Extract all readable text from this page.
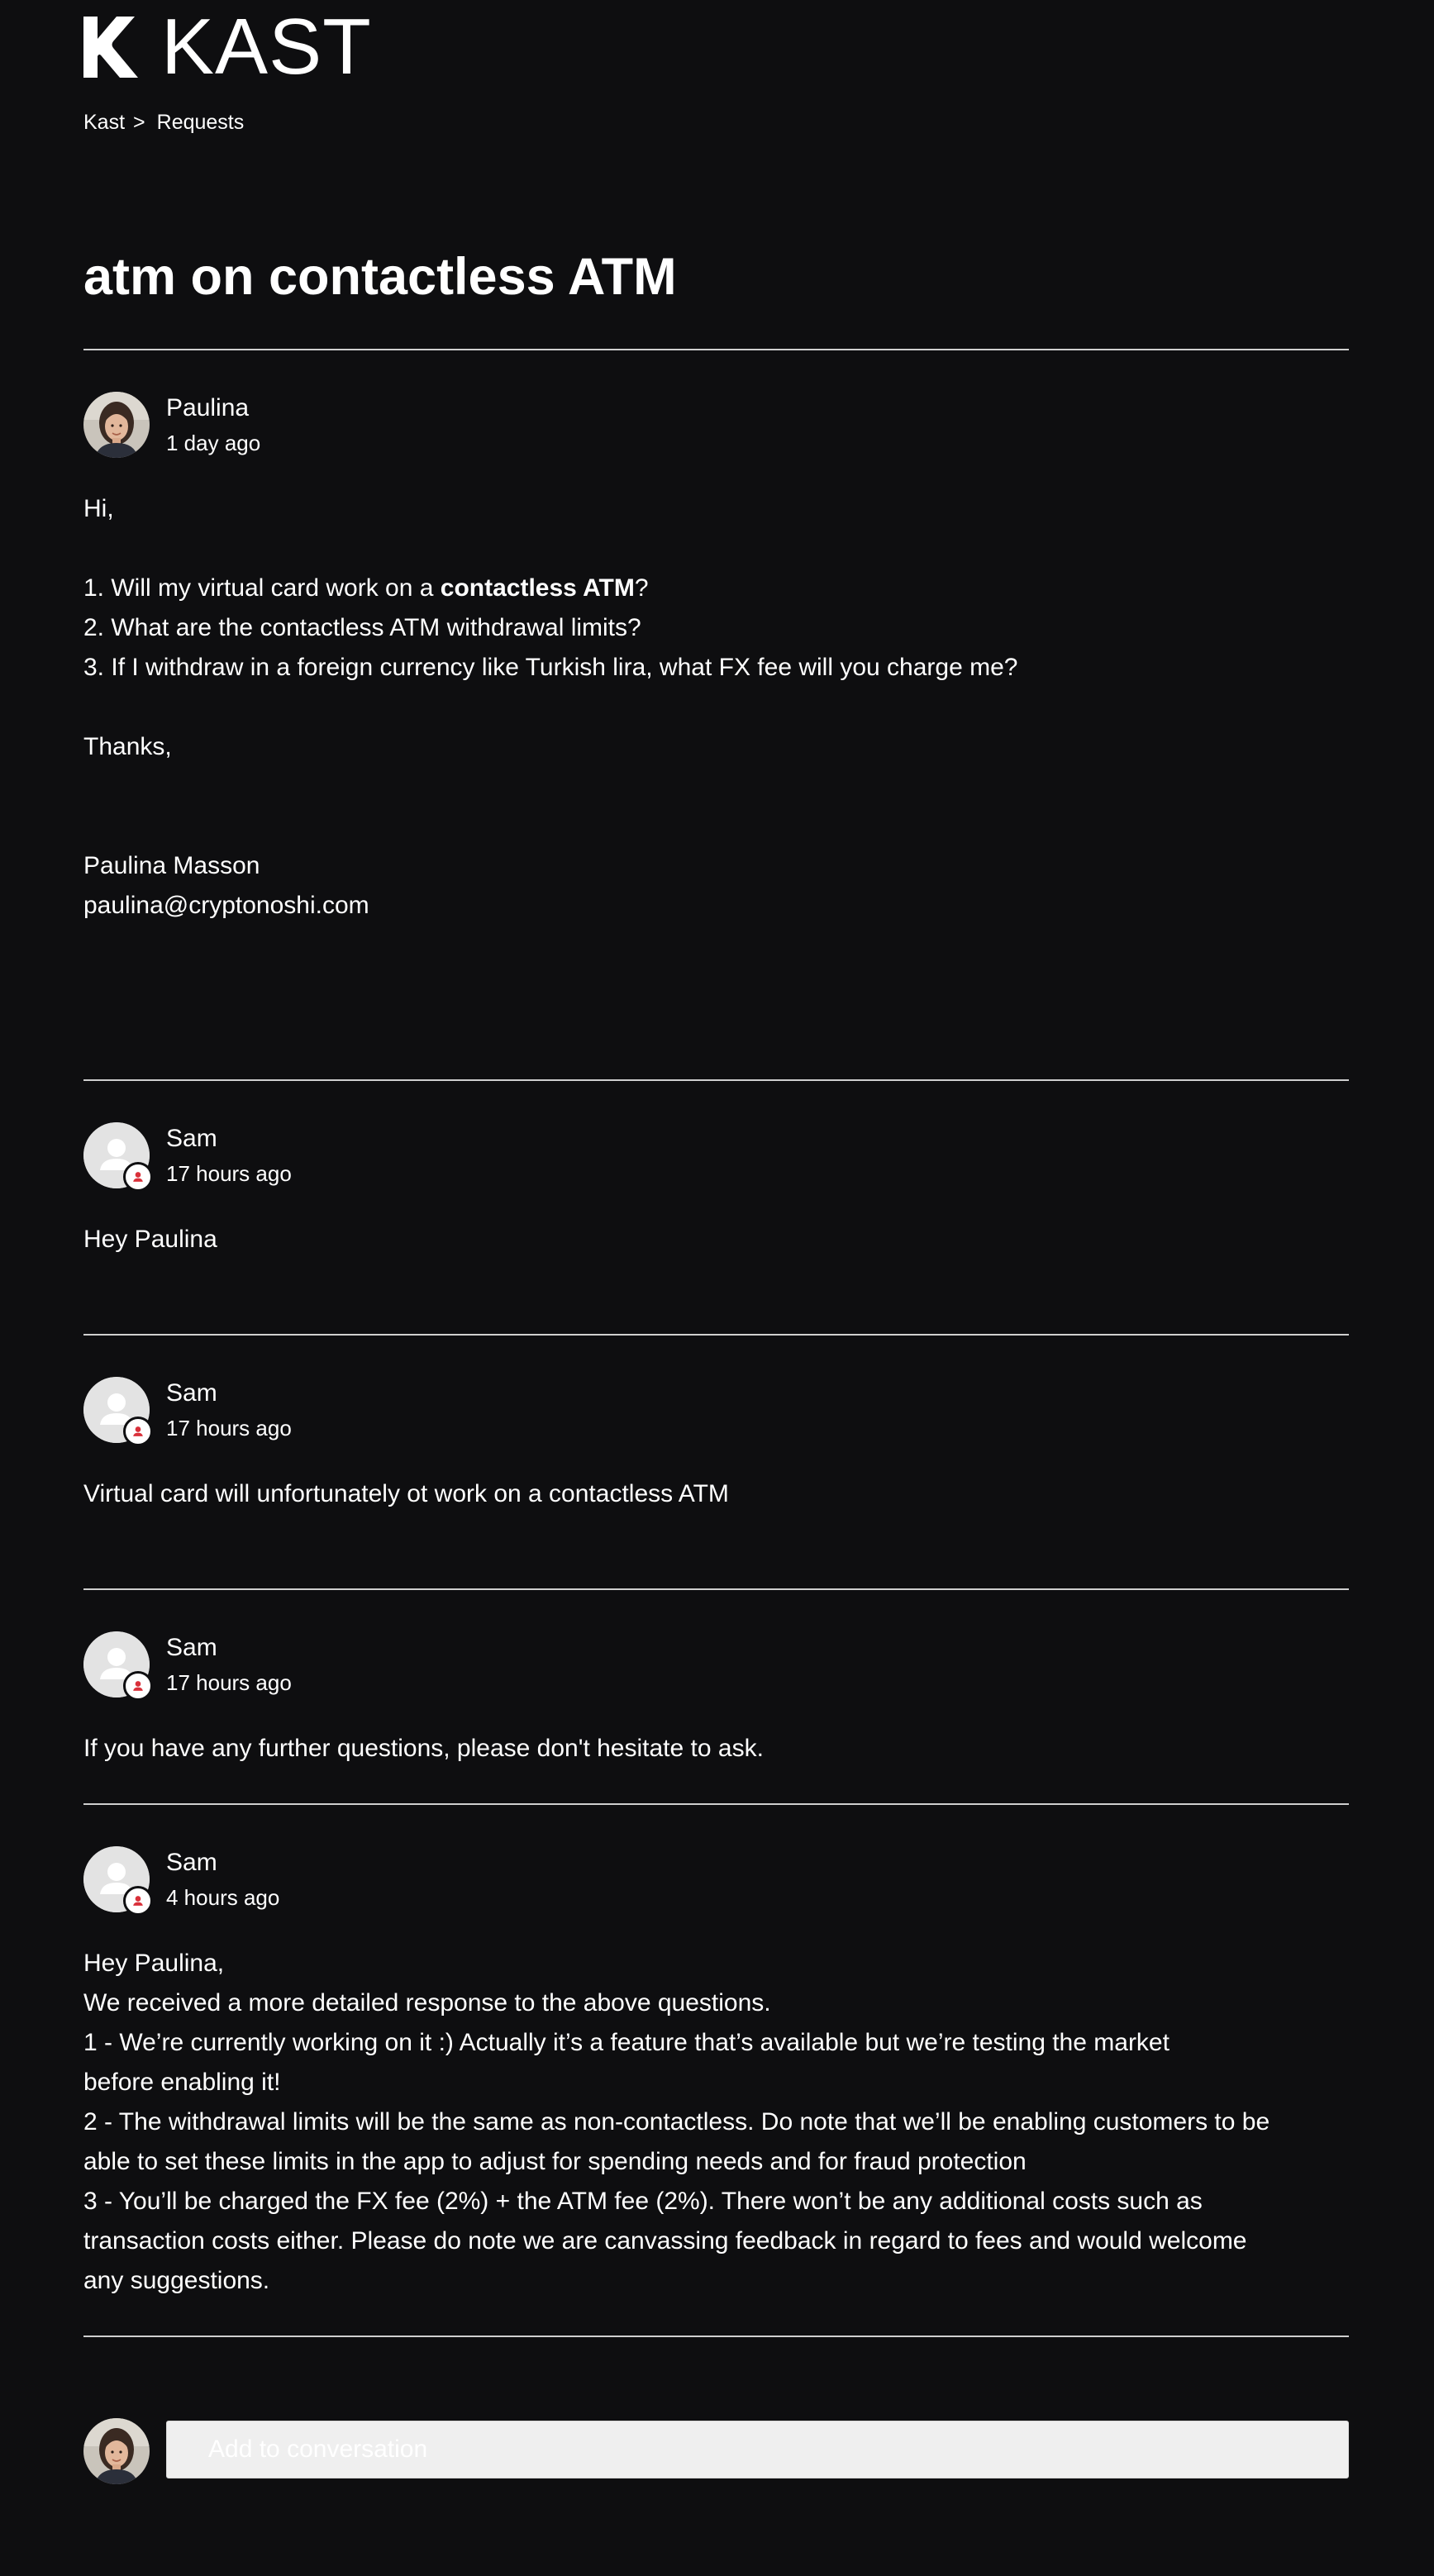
KAST
Kast > Requests
atm on contactless ATM
Paulina
1 day ago

Hi,

1. Will my virtual card work on a contactless ATM?

2. What are the contactless ATM withdrawal limits?

3. If I withdraw in a foreign currency like Turkish lira, what FX fee will you charge me?

Thanks,

Paulina Masson

paulina@cryptonoshi.com

Sam
17 hours ago

Hey Paulina

Sam
17 hours ago

Virtual card will unfortunately ot work on a contactless ATM

Sam
17 hours ago

If you have any further questions, please don't hesitate to ask.

Sam
4 hours ago

Hey Paulina,

We received a more detailed response to the above questions.

1 - We’re currently working on it :) Actually it’s a feature that’s available but we’re testing the market

before enabling it!

2 - The withdrawal limits will be the same as non-contactless. Do note that we’ll be enabling customers to be

able to set these limits in the app to adjust for spending needs and for fraud protection

3 - You’ll be charged the FX fee (2%) + the ATM fee (2%). There won’t be any additional costs such as

transaction costs either. Please do note we are canvassing feedback in regard to fees and would welcome

any suggestions.

Add to conversation
